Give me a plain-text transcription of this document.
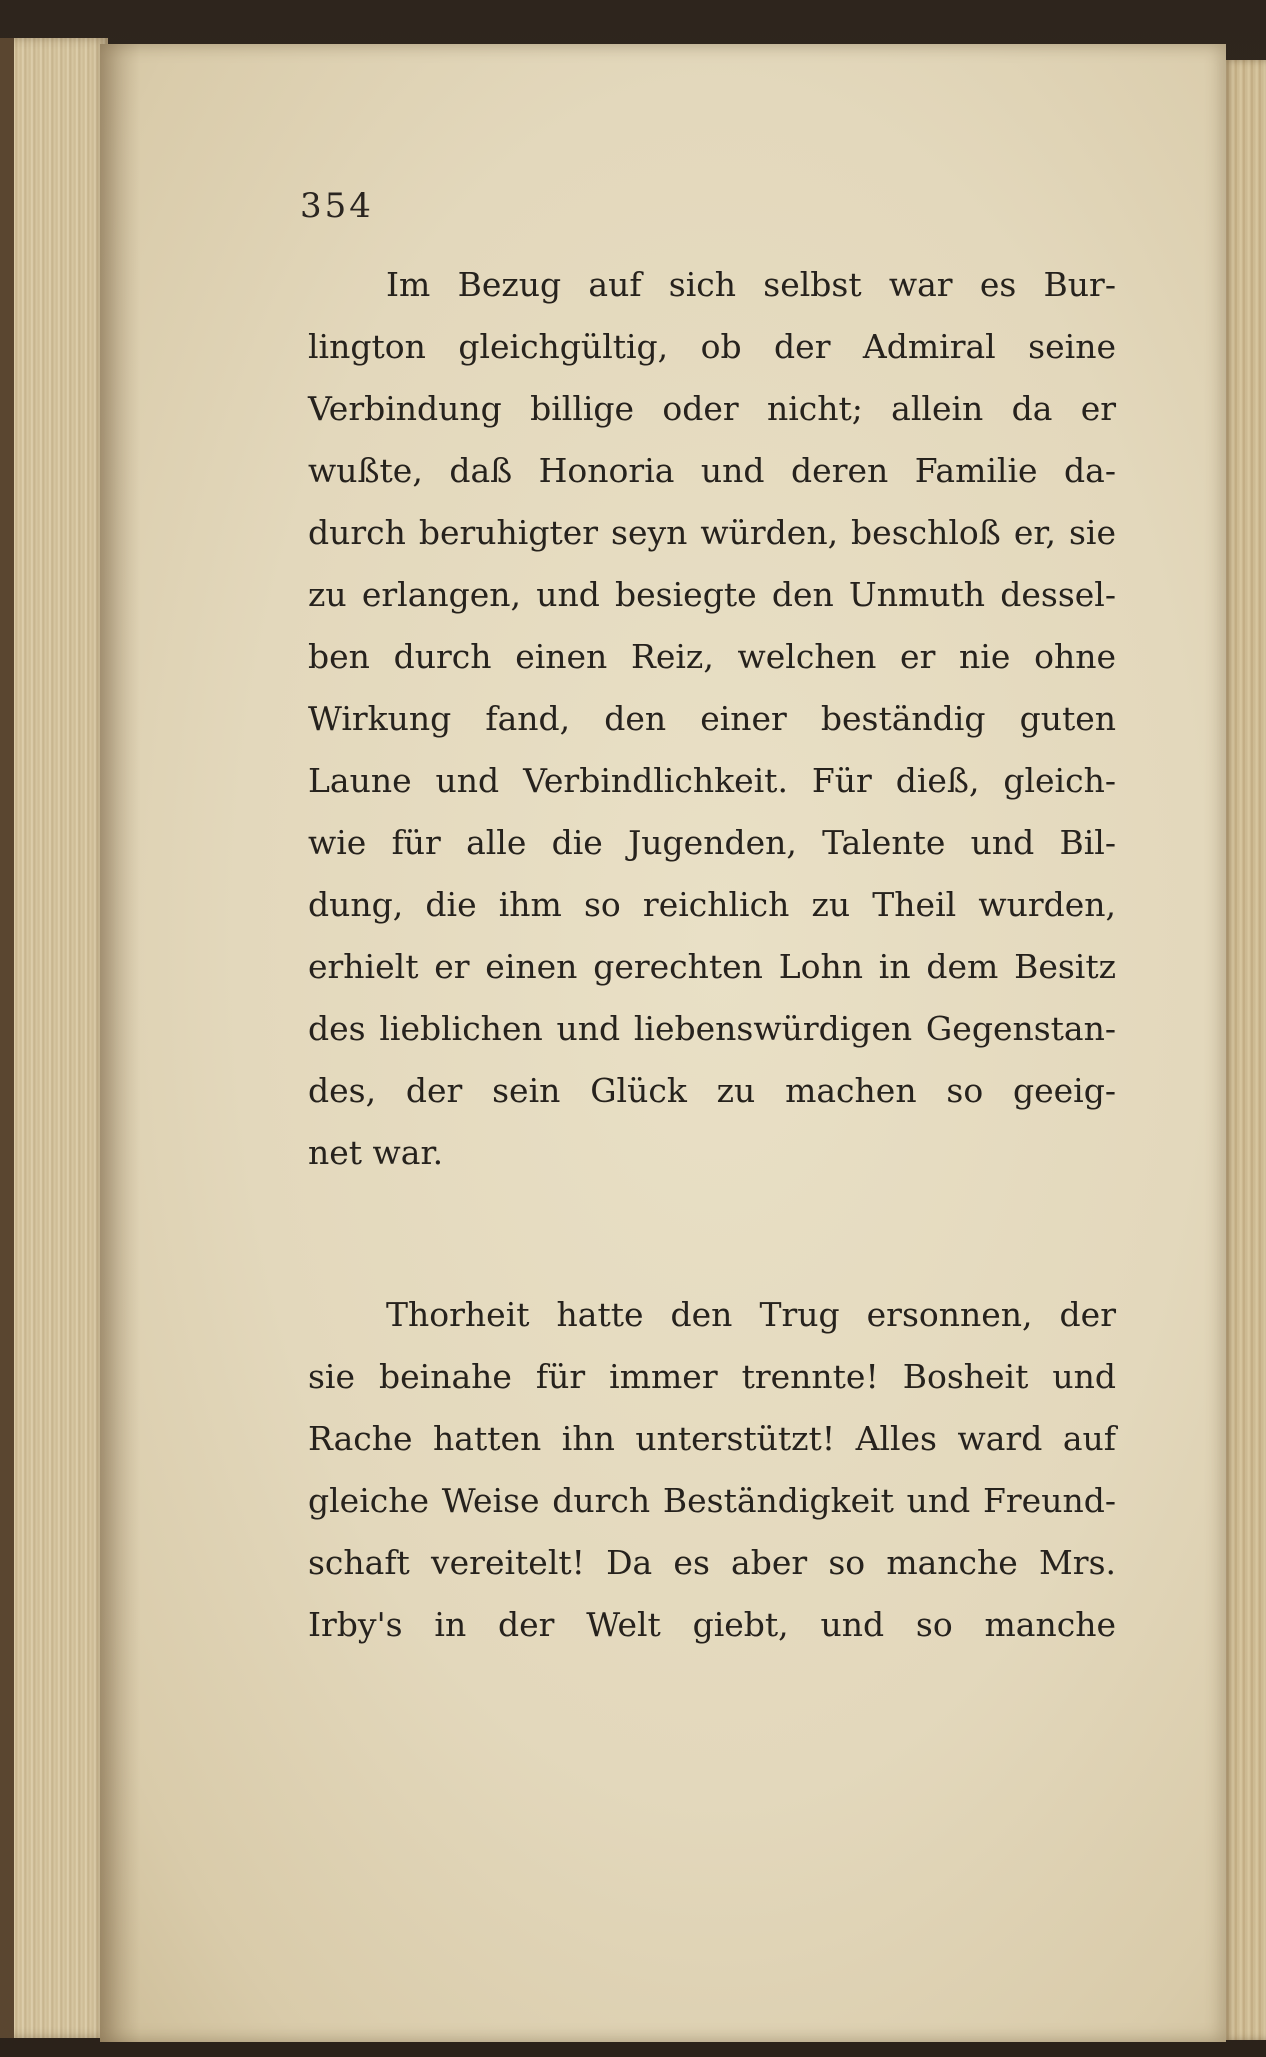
354
Im Bezug auf sich selbst war es Bur-
lington gleichgültig, ob der Admiral seine
Verbindung billige oder nicht; allein da er
wußte, daß Honoria und deren Familie da-
durch beruhigter seyn würden, beschloß er, sie
zu erlangen, und besiegte den Unmuth dessel-
ben durch einen Reiz, welchen er nie ohne
Wirkung fand, den einer beständig guten
Laune und Verbindlichkeit. Für dieß, gleich-
wie für alle die Jugenden, Talente und Bil-
dung, die ihm so reichlich zu Theil wurden,
erhielt er einen gerechten Lohn in dem Besitz
des lieblichen und liebenswürdigen Gegenstan-
des, der sein Glück zu machen so geeig-
net war.
Thorheit hatte den Trug ersonnen, der
sie beinahe für immer trennte! Bosheit und
Rache hatten ihn unterstützt! Alles ward auf
gleiche Weise durch Beständigkeit und Freund-
schaft vereitelt! Da es aber so manche Mrs.
Irby's in der Welt giebt, und so manche
